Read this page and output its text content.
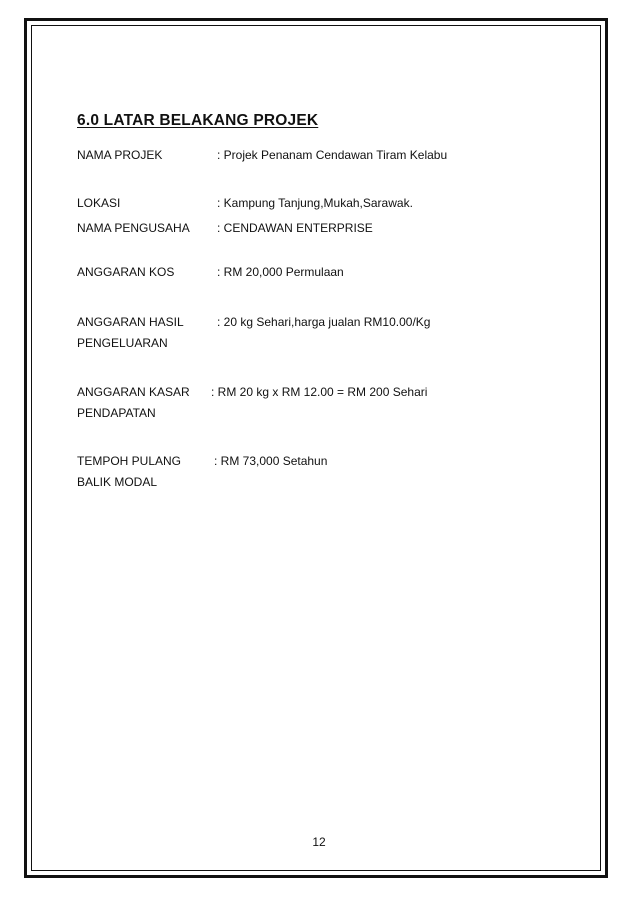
6.0 LATAR BELAKANG PROJEK
NAMA PROJEK	: Projek Penanam Cendawan Tiram Kelabu
LOKASI	: Kampung Tanjung,Mukah,Sarawak.
NAMA PENGUSAHA	: CENDAWAN ENTERPRISE
ANGGARAN KOS	: RM 20,000 Permulaan
ANGGARAN HASIL	: 20 kg Sehari,harga jualan RM10.00/Kg
PENGELUARAN
ANGGARAN KASAR	: RM 20 kg x RM 12.00 = RM 200 Sehari
PENDAPATAN
TEMPOH PULANG	: RM 73,000 Setahun
BALIK MODAL
12
